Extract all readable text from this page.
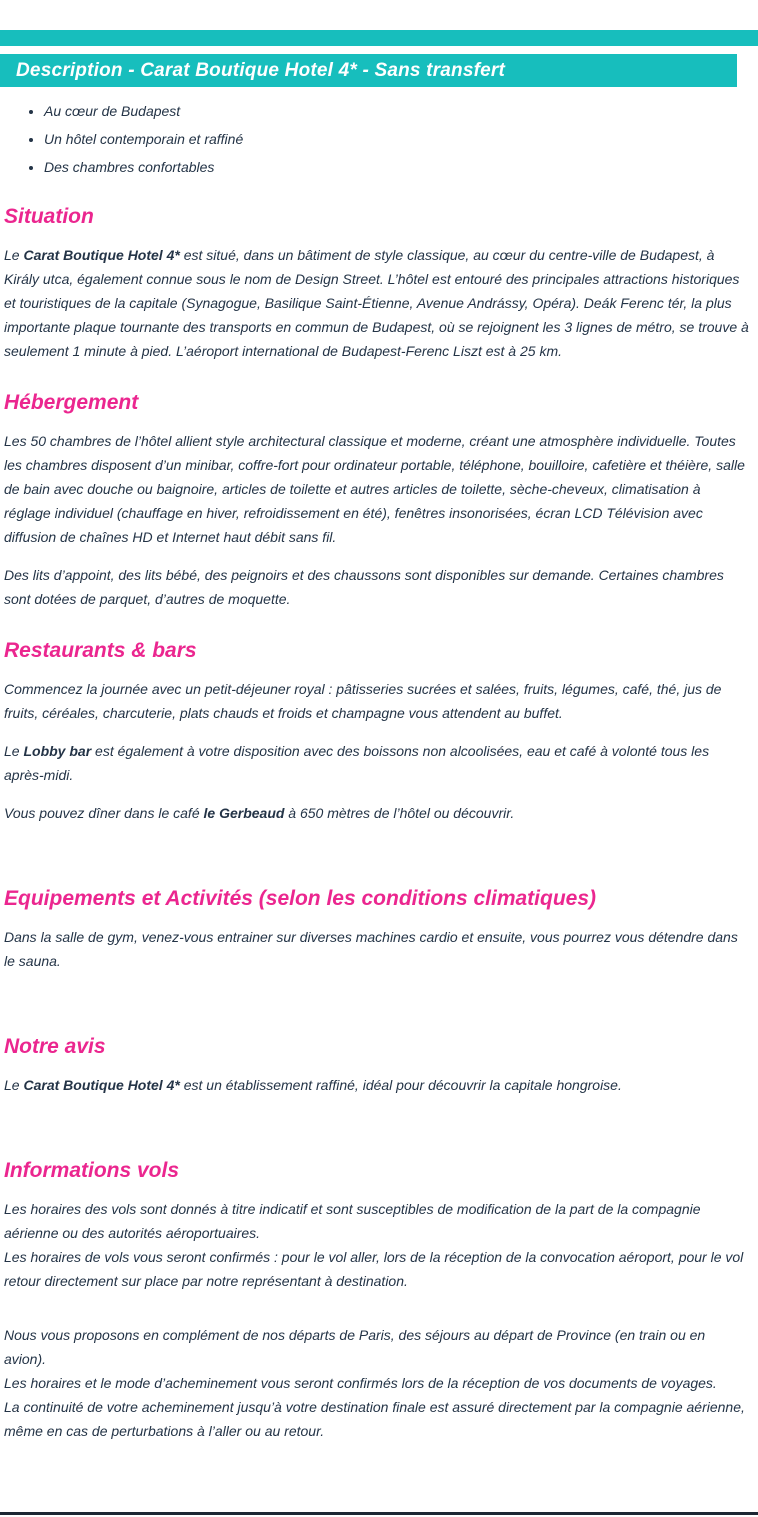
Description - Carat Boutique Hotel 4* - Sans transfert
• Au cœur de Budapest
• Un hôtel contemporain et raffiné
• Des chambres confortables
Situation

Le Carat Boutique Hotel 4* est situé, dans un bâtiment de style classique, au cœur du centre-ville de Budapest, à Király utca, également connue sous le nom de Design Street. L’hôtel est entouré des principales attractions historiques et touristiques de la capitale (Synagogue, Basilique Saint-Étienne, Avenue Andrássy, Opéra). Deák Ferenc tér, la plus importante plaque tournante des transports en commun de Budapest, où se rejoignent les 3 lignes de métro, se trouve à seulement 1 minute à pied. L’aéroport international de Budapest-Ferenc Liszt est à 25 km.

Hébergement

Les 50 chambres de l’hôtel allient style architectural classique et moderne, créant une atmosphère individuelle. Toutes les chambres disposent d’un minibar, coffre-fort pour ordinateur portable, téléphone, bouilloire, cafetière et théière, salle de bain avec douche ou baignoire, articles de toilette et autres articles de toilette, sèche-cheveux, climatisation à réglage individuel (chauffage en hiver, refroidissement en été), fenêtres insonorisées, écran LCD Télévision avec diffusion de chaînes HD et Internet haut débit sans fil.

Des lits d’appoint, des lits bébé, des peignoirs et des chaussons sont disponibles sur demande. Certaines chambres sont dotées de parquet, d’autres de moquette.

Restaurants & bars

Commencez la journée avec un petit-déjeuner royal : pâtisseries sucrées et salées, fruits, légumes, café, thé, jus de fruits, céréales, charcuterie, plats chauds et froids et champagne vous attendent au buffet.

Le Lobby bar est également à votre disposition avec des boissons non alcoolisées, eau et café à volonté tous les après-midi.

Vous pouvez dîner dans le café le Gerbeaud à 650 mètres de l’hôtel ou découvrir.

Equipements et Activités (selon les conditions climatiques)

Dans la salle de gym, venez-vous entrainer sur diverses machines cardio et ensuite, vous pourrez vous détendre dans le sauna.

Notre avis

Le Carat Boutique Hotel 4* est un établissement raffiné, idéal pour découvrir la capitale hongroise.

Informations vols

Les horaires des vols sont donnés à titre indicatif et sont susceptibles de modification de la part de la compagnie aérienne ou des autorités aéroportuaires.

Les horaires de vols vous seront confirmés : pour le vol aller, lors de la réception de la convocation aéroport, pour le vol retour directement sur place par notre représentant à destination.

Nous vous proposons en complément de nos départs de Paris, des séjours au départ de Province (en train ou en avion).

Les horaires et le mode d’acheminement vous seront confirmés lors de la réception de vos documents de voyages.

La continuité de votre acheminement jusqu’à votre destination finale est assuré directement par la compagnie aérienne, même en cas de perturbations à l’aller ou au retour.
